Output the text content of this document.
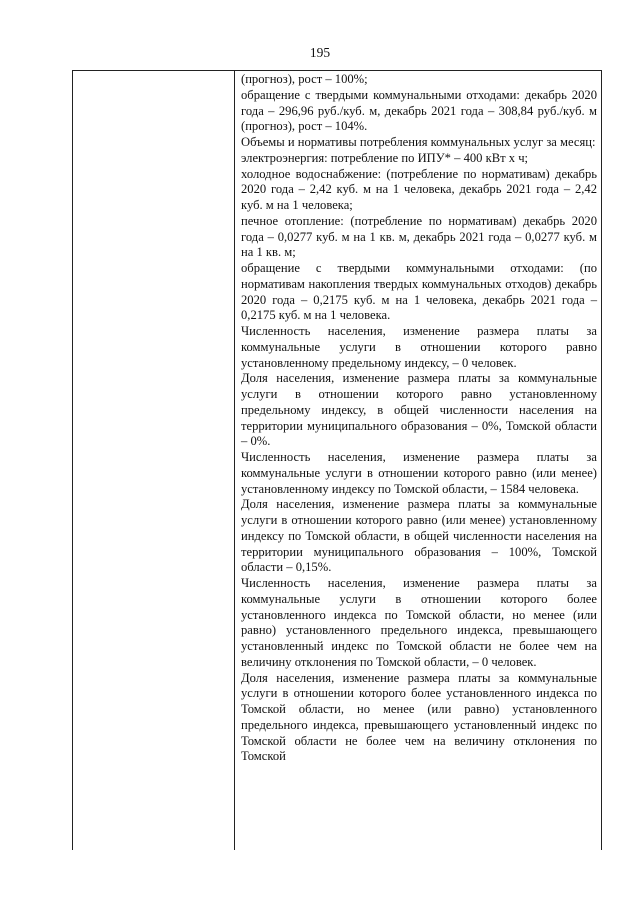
195

(прогноз), рост – 100%;

обращение с твердыми коммунальными отходами: декабрь 2020 года – 296,96 руб./куб. м, декабрь 2021 года – 308,84 руб./куб. м (прогноз), рост – 104%.

Объемы и нормативы потребления коммунальных услуг за месяц:

электроэнергия: потребление по ИПУ* – 400 кВт х ч;

холодное водоснабжение: (потребление по нормативам) декабрь 2020 года – 2,42 куб. м на 1 человека, декабрь 2021 года – 2,42 куб. м на 1 человека;

печное отопление: (потребление по нормативам) декабрь 2020 года – 0,0277 куб. м на 1 кв. м, декабрь 2021 года – 0,0277 куб. м на 1 кв. м;

обращение с твердыми коммунальными отходами: (по нормативам накопления твердых коммунальных отходов) декабрь 2020 года – 0,2175 куб. м на 1 человека, декабрь 2021 года – 0,2175 куб. м на 1 человека.

Численность населения, изменение размера платы за коммунальные услуги в отношении которого равно установленному предельному индексу, – 0 человек.

Доля населения, изменение размера платы за коммунальные услуги в отношении которого равно установленному предельному индексу, в общей численности населения на территории муниципального образования – 0%, Томской области – 0%.

Численность населения, изменение размера платы за коммунальные услуги в отношении которого равно (или менее) установленному индексу по Томской области, – 1584 человека.

Доля населения, изменение размера платы за коммунальные услуги в отношении которого равно (или менее) установленному индексу по Томской области, в общей численности населения на территории муниципального образования – 100%, Томской области – 0,15%.

Численность населения, изменение размера платы за коммунальные услуги в отношении которого более установленного индекса по Томской области, но менее (или равно) установленного предельного индекса, превышающего установленный индекс по Томской области не более чем на величину отклонения по Томской области, – 0 человек.

Доля населения, изменение размера платы за коммунальные услуги в отношении которого более установленного индекса по Томской области, но менее (или равно) установленного предельного индекса, превышающего установленный индекс по Томской области не более чем на величину отклонения по Томской
